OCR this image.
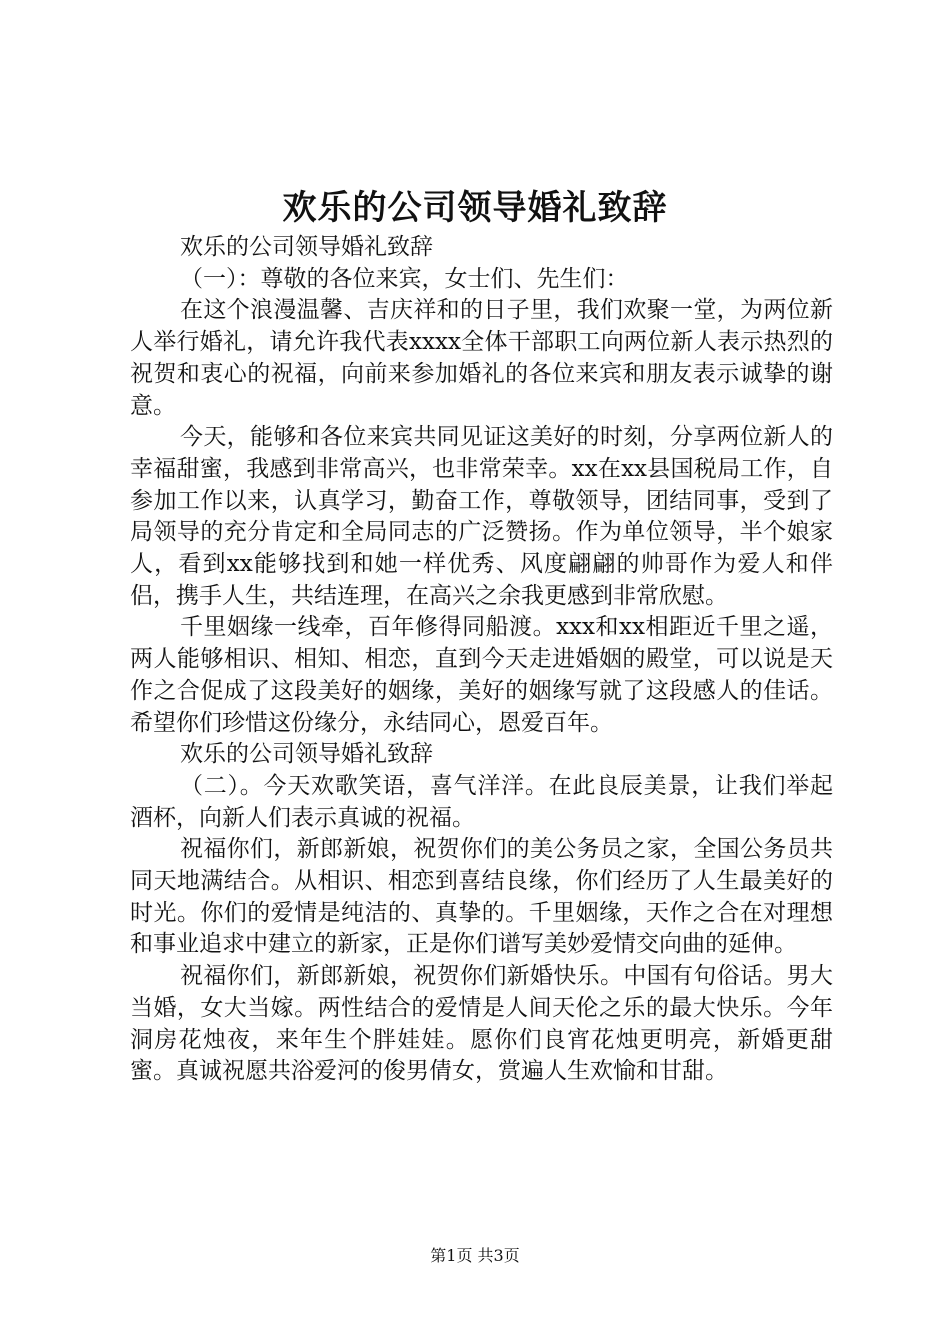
欢乐的公司领导婚礼致辞

欢乐的公司领导婚礼致辞

（一）：尊敬的各位来宾，女士们、先生们：

在这个浪漫温馨、吉庆祥和的日子里，我们欢聚一堂，为两位新人举行婚礼，请允许我代表xxxx全体干部职工向两位新人表示热烈的祝贺和衷心的祝福，向前来参加婚礼的各位来宾和朋友表示诚挚的谢意。

今天，能够和各位来宾共同见证这美好的时刻，分享两位新人的幸福甜蜜，我感到非常高兴，也非常荣幸。xx在xx县国税局工作，自参加工作以来，认真学习，勤奋工作，尊敬领导，团结同事，受到了局领导的充分肯定和全局同志的广泛赞扬。作为单位领导，半个娘家人，看到xx能够找到和她一样优秀、风度翩翩的帅哥作为爱人和伴侣，携手人生，共结连理，在高兴之余我更感到非常欣慰。

千里姻缘一线牵，百年修得同船渡。xxx和xx相距近千里之遥，两人能够相识、相知、相恋，直到今天走进婚姻的殿堂，可以说是天作之合促成了这段美好的姻缘，美好的姻缘写就了这段感人的佳话。希望你们珍惜这份缘分，永结同心，恩爱百年。

欢乐的公司领导婚礼致辞

（二）。今天欢歌笑语，喜气洋洋。在此良辰美景，让我们举起酒杯，向新人们表示真诚的祝福。

祝福你们，新郎新娘，祝贺你们的美公务员之家，全国公务员共同天地满结合。从相识、相恋到喜结良缘，你们经历了人生最美好的时光。你们的爱情是纯洁的、真挚的。千里姻缘，天作之合在对理想和事业追求中建立的新家，正是你们谱写美妙爱情交向曲的延伸。

祝福你们，新郎新娘，祝贺你们新婚快乐。中国有句俗话。男大当婚，女大当嫁。两性结合的爱情是人间天伦之乐的最大快乐。今年洞房花烛夜，来年生个胖娃娃。愿你们良宵花烛更明亮，新婚更甜蜜。真诚祝愿共浴爱河的俊男倩女，赏遍人生欢愉和甘甜。

第1页 共3页
